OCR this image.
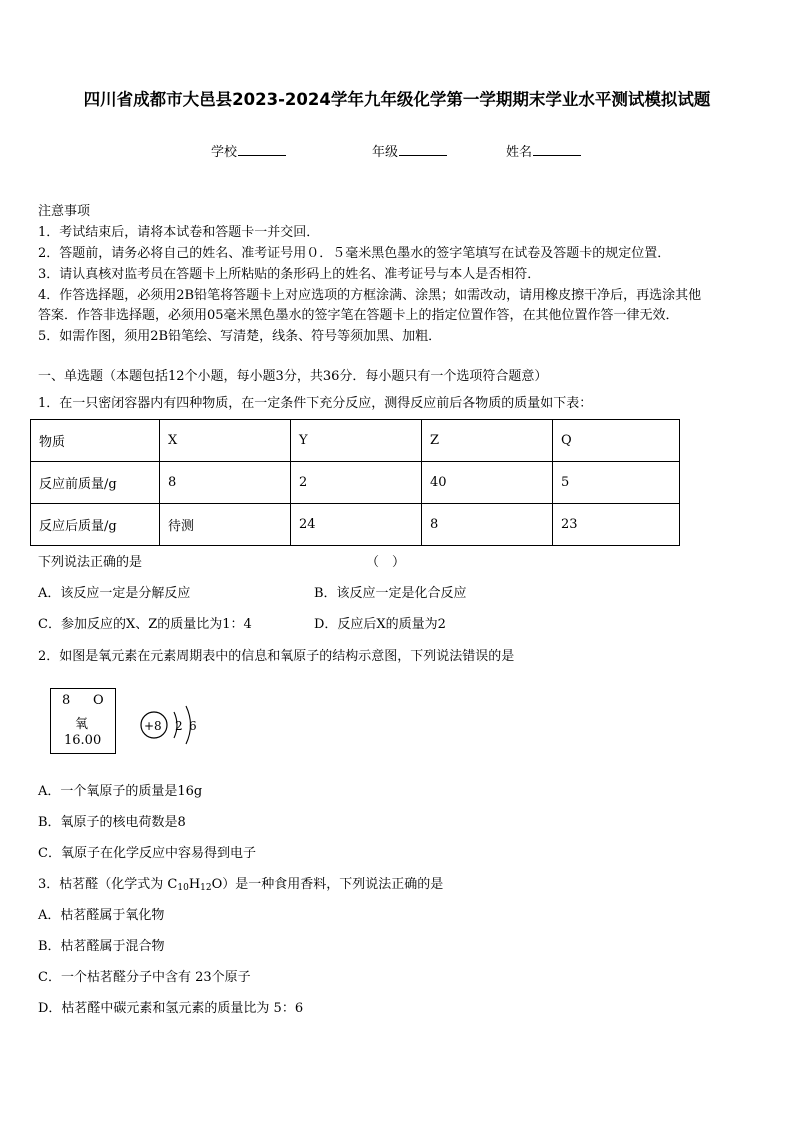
四川省成都市大邑县2023-2024学年九年级化学第一学期期末学业水平测试模拟试题
学校	年级	姓名
注意事项
1．考试结束后，请将本试卷和答题卡一并交回．
2．答题前，请务必将自己的姓名、准考证号用０．５毫米黑色墨水的签字笔填写在试卷及答题卡的规定位置．
3．请认真核对监考员在答题卡上所粘贴的条形码上的姓名、准考证号与本人是否相符．
4．作答选择题，必须用2B铅笔将答题卡上对应选项的方框涂满、涂黑；如需改动，请用橡皮擦干净后，再选涂其他
答案．作答非选择题，必须用05毫米黑色墨水的签字笔在答题卡上的指定位置作答，在其他位置作答一律无效．
5．如需作图，须用2B铅笔绘、写清楚，线条、符号等须加黑、加粗．
一、单选题（本题包括12个小题，每小题3分，共36分．每小题只有一个选项符合题意）
1．在一只密闭容器内有四种物质，在一定条件下充分反应，测得反应前后各物质的质量如下表：
物质	X	Y	Z	Q
反应前质量/g	8	2	40	5
反应后质量/g	待测	24	8	23
下列说法正确的是	（　）
A．该反应一定是分解反应	B．该反应一定是化合反应
C．参加反应的X、Z的质量比为1：4	D．反应后X的质量为2
2．如图是氧元素在元素周期表中的信息和氧原子的结构示意图，下列说法错误的是
8 O
氧
16.00
+8 2 6
A．一个氧原子的质量是16g
B．氧原子的核电荷数是8
C．氧原子在化学反应中容易得到电子
3．枯茗醛（化学式为 $C_{10}H_{12}O$）是一种食用香料，下列说法正确的是
A．枯茗醛属于氧化物
B．枯茗醛属于混合物
C．一个枯茗醛分子中含有 23个原子
D．枯茗醛中碳元素和氢元素的质量比为 5：6
